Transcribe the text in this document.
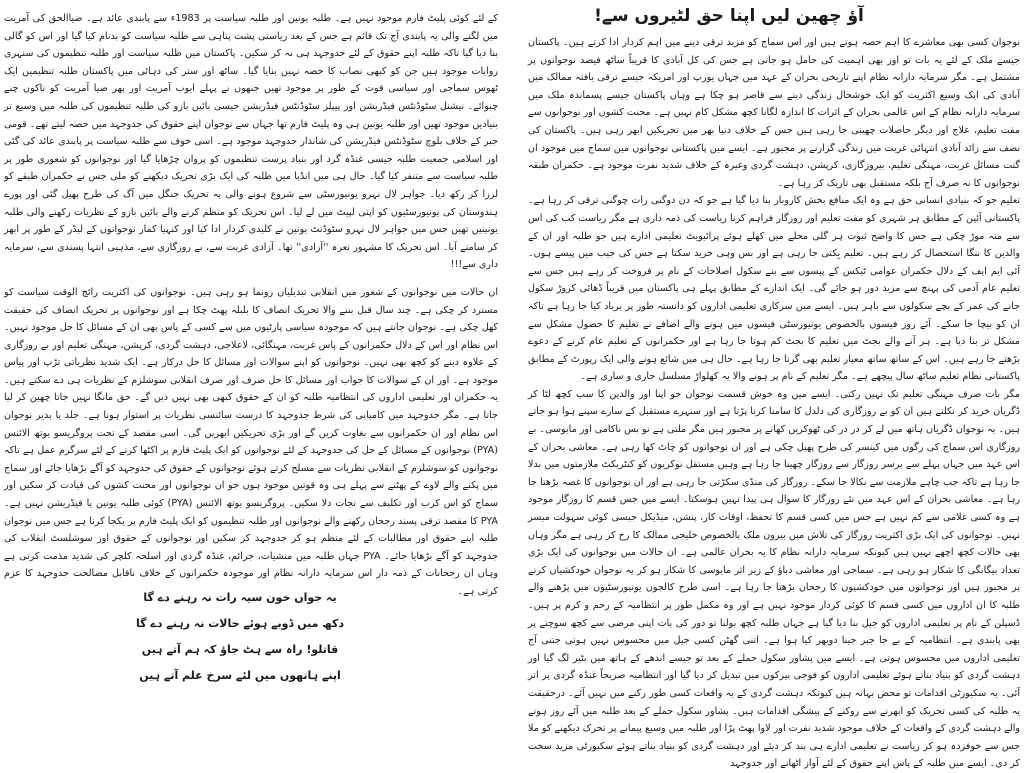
آؤ چھین لیں اپنا حق لٹیروں سے!

نوجوان کسی بھی معاشرے کا اہم حصہ ہوتے ہیں اور اس سماج کو مزید ترقی دینے میں اہم کردار ادا کرتے ہیں۔ پاکستان جیسے ملک کے لئے یہ بات تو اور بھی اہمیت کی حامل ہو جاتی ہے جس کی کل آبادی کا قریباً ساٹھ فیصد نوجوانوں پر مشتمل ہے۔ مگر سرمایہ دارانہ نظام اپنے تاریخی بحران کے عہد میں جہاں یورپ اور امریکہ جیسے ترقی یافتہ ممالک میں آبادی کی ایک وسیع اکثریت کو ایک خوشحال زندگی دینے سے قاصر ہو چکا ہے وہاں پاکستان جیسے پسماندہ ملک میں سرمایہ دارانہ نظام کے اس عالمی بحران کے اثرات کا اندازہ لگانا کچھ مشکل کام نہیں ہے۔ محنت کشوں اور نوجوانوں سے مفت تعلیم، علاج اور دیگر حاصلات چھینی جا رہی ہیں جس کے خلاف دنیا بھر میں تحریکیں ابھر رہی ہیں۔ پاکستان کی نصف سے زائد آبادی انتہائی غربت میں زندگی گزارنے پر مجبور ہے۔ ایسے میں پاکستانی نوجوانوں میں سماج میں موجود ان گنت مسائل غربت، مہنگی تعلیم، بیروزگاری، کرپشن، دہشت گردی وغیرہ کے خلاف شدید نفرت موجود ہے۔ حکمران طبقہ نوجوانوں کا نہ صرف آج بلکہ مستقبل بھی تاریک کر رہا ہے۔

تعلیم جو کہ بنیادی انسانی حق ہے وہ ایک منافع بخش کاروبار بنا دیا گیا ہے جو کہ دن دوگنی رات چوگنی ترقی کر رہا ہے۔ پاکستانی آئین کے مطابق ہر شہری کو مفت تعلیم اور روزگار فراہم کرنا ریاست کی ذمہ داری ہے مگر ریاست کب کی اس سے منہ موڑ چکی ہے جس کا واضح ثبوت ہر گلی محلے میں کھلے ہوئے پرائیویٹ تعلیمی ادارے ہیں جو طلبہ اور ان کے والدین کا ننگا استحصال کر رہے ہیں۔ تعلیم بِکتی جا رہی ہے اور بس وہی خرید سکتا ہے جس کی جیب میں پیسے ہوں۔ آئی ایم ایف کے دلال حکمران عوامی ٹیکس کے پیسوں سے بنے سکول اصلاحات کے نام پر فروخت کر رہے ہیں جس سے تعلیم عام آدمی کی پہنچ سے مزید دور ہو جائے گی۔ ایک اندازے کے مطابق پہلے ہی پاکستان میں قریباً ڈھائی کروڑ سکول جانے کی عمر کے بچے سکولوں سے باہر ہیں۔ ایسے میں سرکاری تعلیمی اداروں کو دانستہ طور پر برباد کیا جا رہا ہے تاکہ ان کو بیچا جا سکے۔ آئے روز فیسوں بالخصوص یونیورسٹی فیسوں میں ہونے والے اضافے نے تعلیم کا حصول مشکل سے مشکل تر بنا دیا ہے۔ ہر آنے والے بجٹ میں تعلیم کا بجٹ کم ہوتا جا رہا ہے اور حکمرانوں کے تعلیم عام کرنے کے دعوے بڑھتے جا رہے ہیں۔ اس کے ساتھ ساتھ معیار تعلیم بھی گرتا جا رہا ہے۔ حال ہی میں شائع ہونے والی ایک رپورٹ کے مطابق پاکستانی نظام تعلیم ساٹھ سال پیچھے ہے۔ مگر تعلیم کے نام پر ہونے والا یہ کھلواڑ مسلسل جاری و ساری ہے۔

مگر بات صرف مہنگی تعلیم تک نہیں رکتی۔ ایسے میں وہ خوش قسمت نوجوان جو اپنا اور والدین کا سب کچھ لٹا کر ڈگریاں خرید کر نکلتے ہیں ان کو بے روزگاری کی دلدل کا سامنا کرنا پڑتا ہے اور سنہرے مستقبل کے سارے سپنے ہوا ہو جاتے ہیں۔ یہ نوجوان ڈگریاں ہاتھ میں لے کر در در کی ٹھوکریں کھانے پر مجبور ہیں مگر ملتی ہے تو بس ناکامی اور مایوسی۔ بے روزگاری اس سماج کی رگوں میں کینسر کی طرح پھیل چکی ہے اور ان نوجوانوں کو چاٹ کھا رہی ہے۔ معاشی بحران کے اس عہد میں جہاں پہلے سے برسر روزگار سے روزگار چھینا جا رہا ہے وہیں مستقل نوکریوں کو کنٹریکٹ ملازمتوں میں بدلا جا رہا ہے تاکہ جب چاہے ملازمت سے نکالا جا سکے۔ روزگار کی منڈی سکڑتی جا رہی ہے اور ان نوجوانوں کا غصہ بڑھتا جا رہا ہے۔ معاشی بحران کے اس عہد میں نئے روزگار کا سوال ہی پیدا نہیں ہوسکتا۔ ایسے میں جس قسم کا روزگار موجود ہے وہ کسی غلامی سے کم نہیں ہے جس میں کسی قسم کا تحفظ، اوقات کار، پنشن، میڈیکل جیسی کوئی سہولت میسر نہیں۔ نوجوانوں کی ایک بڑی اکثریت روزگار کی تلاش میں بیرون ملک بالخصوص خلیجی ممالک کا رخ کر رہی ہے مگر وہاں بھی حالات کچھ اچھے نہیں ہیں کیونکہ سرمایہ دارانہ نظام کا یہ بحران عالمی ہے۔ ان حالات میں نوجوانوں کی ایک بڑی تعداد بیگانگی کا شکار ہو رہی ہے۔ سماجی اور معاشی دباؤ کے زیر اثر مایوسی کا شکار ہو کر یہ نوجوان خودکشیاں کرنے پر مجبور ہیں اور نوجوانوں میں خودکشیوں کا رجحان بڑھتا جا رہا ہے۔ اسی طرح کالجوں یونیورسٹیوں میں پڑھنے والے طلبہ کا ان اداروں میں کسی قسم کا کوئی کردار موجود نہیں ہے اور وہ مکمل طور پر انتظامیہ کے رحم و کرم پر ہیں۔ ڈسپلن کے نام پر تعلیمی اداروں کو جیل بنا دیا گیا ہے جہاں طلبہ کچھ بولنا تو دور کی بات اپنی مرضی سے کچھ سوچنے پر بھی پابندی ہے۔ انتظامیہ کے بے جا جبر جینا دوبھر کیا ہوا ہے۔ اتنی گھٹن کسی جیل میں محسوس نہیں ہوتی جتنی آج تعلیمی اداروں میں محسوس ہوتی ہے۔ ایسے میں پشاور سکول حملے کے بعد تو جیسے اندھے کے ہاتھ میں بٹیر لگ گیا اور دہشت گردی کو بنیاد بناتے ہوئے تعلیمی اداروں کو فوجی بیرکوں میں تبدیل کر دیا گیا اور انتظامیہ صریحاً غنڈہ گردی پر اتر آئی۔ یہ سکیورٹی اقدامات تو محض بہانہ ہیں کیونکہ دہشت گردی کے یہ واقعات کسی طور رکنے میں نہیں آئے۔ درحقیقت یہ طلبہ کی کسی تحریک کو ابھرنے سے روکنے کے پیشگی اقدامات ہیں۔ پشاور سکول حملے کے بعد طلبہ میں آئے روز ہونے والے دہشت گردی کے واقعات کے خلاف موجود شدید نفرت اور لاوا پھٹ پڑا اور طلبہ میں وسیع پیمانے پر تحرک دیکھنے کو ملا جس سے خوفزدہ ہو کر ریاست نے تعلیمی ادارے ہی بند کر دیئے اور دہشت گردی کو بنیاد بناتے ہوئے سکیورٹی مزید سخت کر دی۔ ایسے میں طلبہ کے پاس اپنے حقوق کے لئے آواز اٹھانے اور جدوجہد

کے لئے کوئی پلیٹ فارم موجود نہیں ہے۔ طلبہ یونین اور طلبہ سیاست پر 1983ء سے پابندی عائد ہے۔ ضیاالحق کی آمریت میں لگنے والی یہ پابندی آج تک قائم ہے جس کے بعد ریاستی پشت پناہی سے طلبہ سیاست کو بدنام کیا گیا اور اس کو گالی بنا دیا گیا تاکہ طلبہ اپنے حقوق کے لئے جدوجہد ہی نہ کر سکیں۔ پاکستان میں طلبہ سیاست اور طلبہ تنظیموں کی سنہری روایات موجود ہیں جن کو کبھی نصاب کا حصہ نہیں بنایا گیا۔ ساٹھ اور ستر کی دہائی میں پاکستان طلبہ تنظیمیں ایک ٹھوس سماجی اور سیاسی قوت کے طور پر موجود تھیں جنھوں نے پہلے ایوب آمریت اور پھر ضیا آمریت کو ناکوں چنے چبوائے۔ نیشنل سٹوڈنٹس فیڈریشن اور پیپلز سٹوڈنٹس فیڈریشن جیسی بائیں بازو کی طلبہ تنظیموں کی طلبہ میں وسیع تر بنیادیں موجود تھیں اور طلبہ یونین ہی وہ پلیٹ فارم تھا جہاں سے نوجوان اپنے حقوق کی جدوجہد میں حصہ لیتے تھے۔ قومی جبر کے خلاف بلوچ سٹوڈنٹس فیڈریشن کی شاندار جدوجہد موجود ہے۔ اسی خوف سے طلبہ سیاست پر پابندی عائد کی گئی اور اسلامی جمعیت طلبہ جیسی غنڈہ گرد اور بنیاد پرست تنظیموں کو پروان چڑھایا گیا اور نوجوانوں کو شعوری طور پر طلبہ سیاست سے متنفر کیا گیا۔ حال ہی میں انڈیا میں طلبہ کی ایک بڑی تحریک دیکھنے کو ملی جس نے حکمران طبقے کو لرزا کر رکھ دیا۔ جواہر لال نہرو یونیورسٹی سے شروع ہونے والی یہ تحریک جنگل میں آگ کی طرح پھیل گئی اور پورے ہندوستان کی یونیورسٹیوں کو اپنی لپیٹ میں لے لیا۔ اس تحریک کو منظم کرنے والے بائیں بازو کے نظریات رکھنے والی طلبہ یونینیں تھیں جس میں جواہر لال نہرو سٹوڈنٹ یونین نے کلیدی کردار ادا کیا اور کنہیا کمار نوجوانوں کے لیڈر کے طور پر ابھر کر سامنے آیا۔ اس تحریک کا مشہور نعرہ ''آزادی'' تھا۔ آزادی غربت سے، بے روزگاری سے، مذہبی انتہا پسندی سے، سرمایہ داری سے!!!

ان حالات میں نوجوانوں کے شعور میں انقلابی تبدیلیاں رونما ہو رہی ہیں۔ نوجوانوں کی اکثریت رائج الوقت سیاست کو مسترد کر چکی ہے۔ چند سال قبل بننے والا تحریک انصاف کا بلبلہ پھٹ چکا ہے اور نوجوانوں پر تحریک انصاف کی حقیقت کھل چکی ہے۔ نوجوان جانتے ہیں کہ موجودہ سیاسی پارٹیوں میں سے کسی کے پاس بھی ان کے مسائل کا حل موجود نہیں۔ اس نظام اور اس کے دلال حکمرانوں کے پاس غربت، مہنگائی، لاعلاجی، دہشت گردی، کرپشن، مہنگی تعلیم اور بے روزگاری کے علاوہ دینے کو کچھ بھی نہیں۔ نوجوانوں کو اپنے سوالات اور مسائل کا حل درکار ہے۔ ایک شدید نظریاتی تڑپ اور پیاس موجود ہے۔ اور ان کے سوالات کا جواب اور مسائل کا حل صرف اور صرف انقلابی سوشلزم کے نظریات ہی دے سکتے ہیں۔ یہ حکمران اور تعلیمی اداروں کی انتظامیہ طلبہ کو ان کے حقوق کبھی بھی نہیں دیں گے۔ حق مانگا نہیں جاتا چھین کر لیا جاتا ہے۔ مگر جدوجہد میں کامیابی کی شرط جدوجہد کا درست سائنسی نظریات پر استوار ہونا ہے۔ جلد یا بدیر نوجوان اس نظام اور ان حکمرانوں سے بغاوت کریں گے اور بڑی تحریکیں ابھریں گی۔ اسی مقصد کے تحت پروگریسو یوتھ الائنس (PYA) نوجوانوں کے مسائل کے حل کی جدوجہد کے لئے نوجوانوں کو ایک پلیٹ فارم پر اکٹھا کرنے کے لئے سرگرم عمل ہے تاکہ نوجوانوں کو سوشلزم کے انقلابی نظریات سے مسلح کرتے ہوئے نوجوانوں کے حقوق کی جدوجہد کو آگے بڑھایا جائے اور سماج میں پکنے والے لاوے کے پھٹنے سے پہلے ہی وہ قوتیں موجود ہوں جو ان نوجوانوں اور محنت کشوں کی قیادت کر سکیں اور سماج کو اس کرب اور تکلیف سے نجات دلا سکیں۔ پروگریسو یوتھ الائنس (PYA) کوئی طلبہ یونین یا فیڈریشن نہیں ہے۔ PYA کا مقصد ترقی پسند رجحان رکھنے والے نوجوانوں اور طلبہ تنظیموں کو ایک پلیٹ فارم پر یکجا کرنا ہے جس میں نوجوان طلبہ اپنے حقوق اور مطالبات کے لئے منظم ہو کر جدوجہد کر سکیں اور نوجوانوں کے حقوق اور سوشلسٹ انقلاب کی جدوجہد کو آگے بڑھایا جائے۔ PYA جہاں طلبہ میں منشیات، جرائم، غنڈہ گردی اور اسلحہ کلچر کی شدید مذمت کرتی ہے وہاں ان رجحانات کے ذمہ دار اس سرمایہ دارانہ نظام اور موجودہ حکمرانوں کے خلاف ناقابل مصالحت جدوجہد کا عزم کرتی ہے۔

یہ جواں خون سیہ رات نہ رہنے دے گا
دکھ میں ڈوبے ہوئے حالات نہ رہنے دے گا
قاتلو! راہ سے ہٹ جاؤ کہ ہم آتے ہیں
اپنے ہاتھوں میں لئے سرخ علم آتے ہیں
